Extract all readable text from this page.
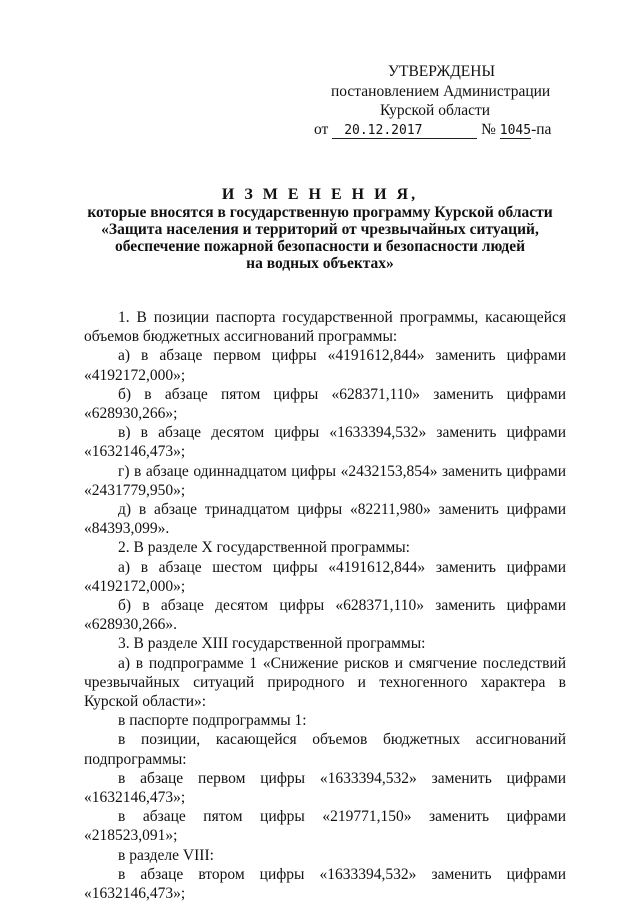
УТВЕРЖДЕНЫ
постановлением Администрации
Курской области
от 20.12.2017	№ 1045-па
И З М Е Н Е Н И Я,
которые вносятся в государственную программу Курской области
«Защита населения и территорий от чрезвычайных ситуаций,
обеспечение пожарной безопасности и безопасности людей
на водных объектах»
1. В позиции паспорта государственной программы, касающейся объемов бюджетных ассигнований программы:
а) в абзаце первом цифры «4191612,844» заменить цифрами «4192172,000»;
б) в абзаце пятом цифры «628371,110» заменить цифрами «628930,266»;
в) в абзаце десятом цифры «1633394,532» заменить цифрами «1632146,473»;
г) в абзаце одиннадцатом цифры «2432153,854» заменить цифрами «2431779,950»;
д) в абзаце тринадцатом цифры «82211,980» заменить цифрами «84393,099».
2. В разделе X государственной программы:
а) в абзаце шестом цифры «4191612,844» заменить цифрами «4192172,000»;
б) в абзаце десятом цифры «628371,110» заменить цифрами «628930,266».
3. В разделе XIII государственной программы:
а) в подпрограмме 1 «Снижение рисков и смягчение последствий чрезвычайных ситуаций природного и техногенного характера в Курской области»:
в паспорте подпрограммы 1:
в позиции, касающейся объемов бюджетных ассигнований подпрограммы:
в абзаце первом цифры «1633394,532» заменить цифрами «1632146,473»;
в абзаце пятом цифры «219771,150» заменить цифрами «218523,091»;
в разделе VIII:
в абзаце втором цифры «1633394,532» заменить цифрами «1632146,473»;
